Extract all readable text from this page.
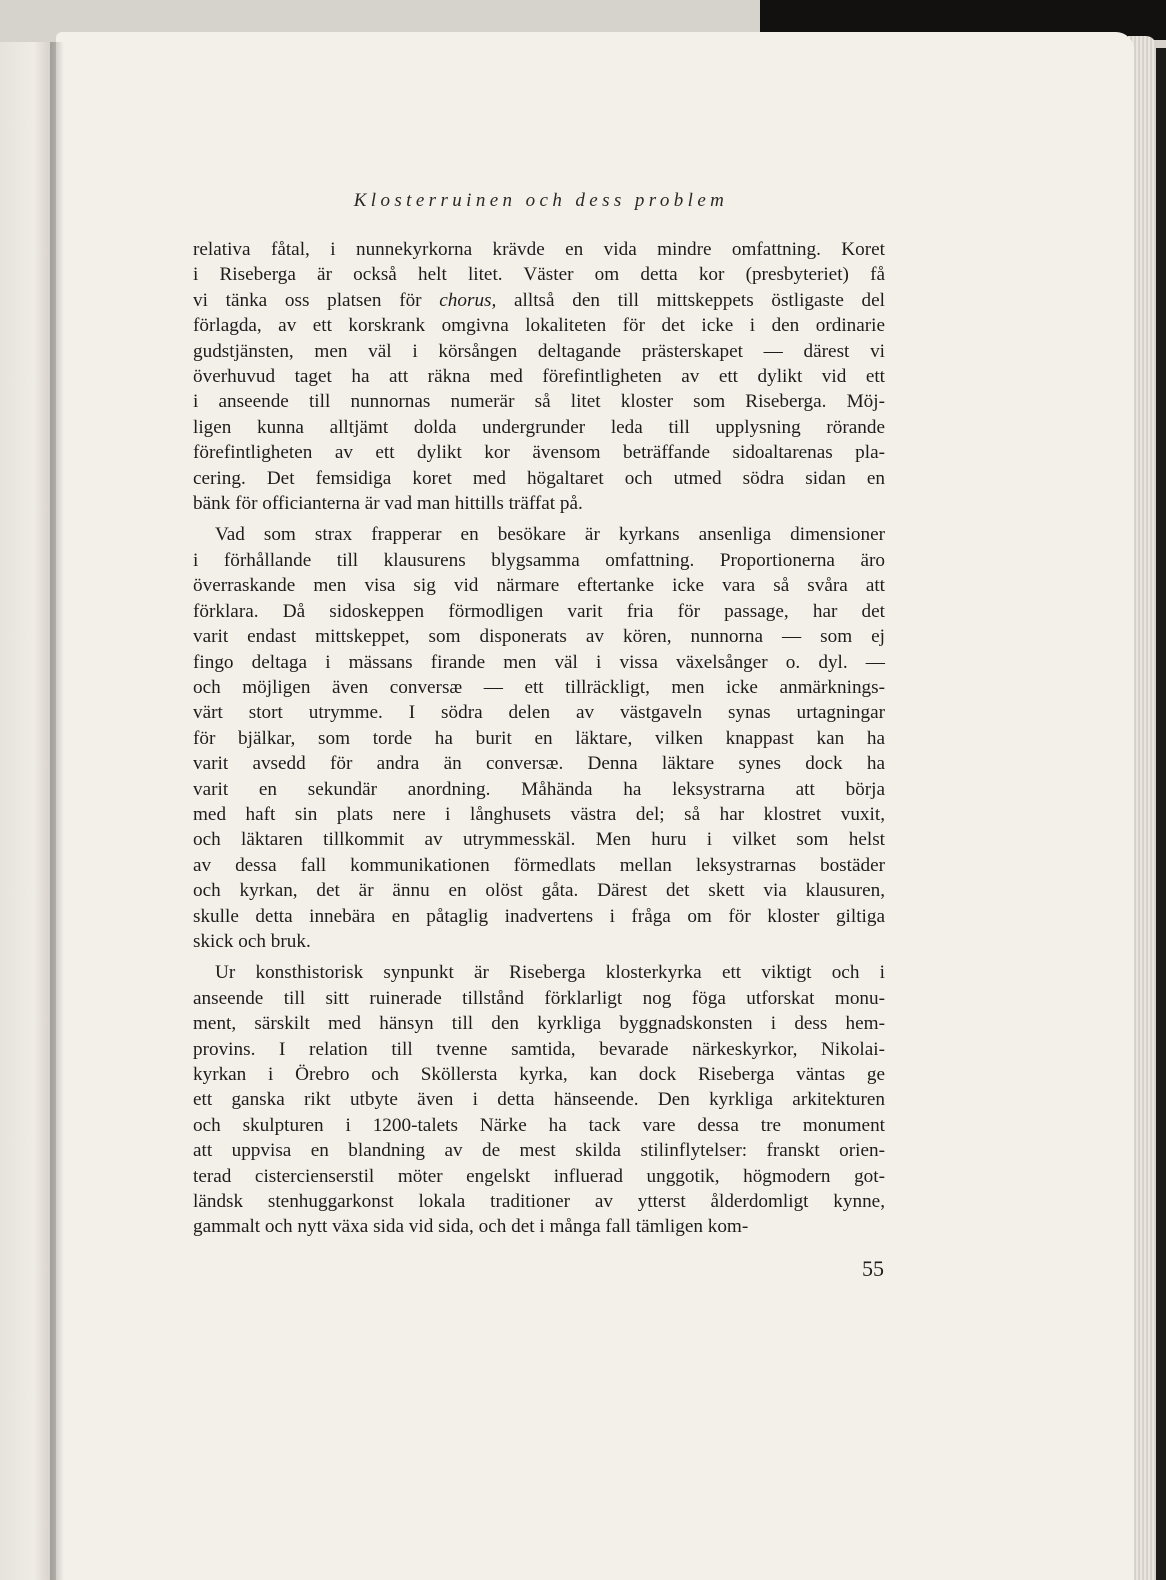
Klosterruinen och dess problem

relativa fåtal, i nunnekyrkorna krävde en vida mindre omfattning. Koret
i Riseberga är också helt litet. Väster om detta kor (presbyteriet) få
vi tänka oss platsen för chorus, alltså den till mittskeppets östligaste del
förlagda, av ett korskrank omgivna lokaliteten för det icke i den ordinarie
gudstjänsten, men väl i körsången deltagande prästerskapet — därest vi
överhuvud taget ha att räkna med förefintligheten av ett dylikt vid ett
i anseende till nunnornas numerär så litet kloster som Riseberga. Möj-
ligen kunna alltjämt dolda undergrunder leda till upplysning rörande
förefintligheten av ett dylikt kor ävensom beträffande sidoaltarenas pla-
cering. Det femsidiga koret med högaltaret och utmed södra sidan en
bänk för officianterna är vad man hittills träffat på.

Vad som strax frapperar en besökare är kyrkans ansenliga dimensioner
i förhållande till klausurens blygsamma omfattning. Proportionerna äro
överraskande men visa sig vid närmare eftertanke icke vara så svåra att
förklara. Då sidoskeppen förmodligen varit fria för passage, har det
varit endast mittskeppet, som disponerats av kören, nunnorna — som ej
fingo deltaga i mässans firande men väl i vissa växelsånger o. dyl. —
och möjligen även conversæ — ett tillräckligt, men icke anmärknings-
värt stort utrymme. I södra delen av västgaveln synas urtagningar
för bjälkar, som torde ha burit en läktare, vilken knappast kan ha
varit avsedd för andra än conversæ. Denna läktare synes dock ha
varit en sekundär anordning. Måhända ha leksystrarna att börja
med haft sin plats nere i långhusets västra del; så har klostret vuxit,
och läktaren tillkommit av utrymmesskäl. Men huru i vilket som helst
av dessa fall kommunikationen förmedlats mellan leksystrarnas bostäder
och kyrkan, det är ännu en olöst gåta. Därest det skett via klausuren,
skulle detta innebära en påtaglig inadvertens i fråga om för kloster giltiga
skick och bruk.

Ur konsthistorisk synpunkt är Riseberga klosterkyrka ett viktigt och i
anseende till sitt ruinerade tillstånd förklarligt nog föga utforskat monu-
ment, särskilt med hänsyn till den kyrkliga byggnadskonsten i dess hem-
provins. I relation till tvenne samtida, bevarade närkeskyrkor, Nikolai-
kyrkan i Örebro och Sköllersta kyrka, kan dock Riseberga väntas ge
ett ganska rikt utbyte även i detta hänseende. Den kyrkliga arkitekturen
och skulpturen i 1200-talets Närke ha tack vare dessa tre monument
att uppvisa en blandning av de mest skilda stilinflytelser: franskt orien-
terad cistercienserstil möter engelskt influerad unggotik, högmodern got-
ländsk stenhuggarkonst lokala traditioner av ytterst ålderdomligt kynne,
gammalt och nytt växa sida vid sida, och det i många fall tämligen kom-

55
